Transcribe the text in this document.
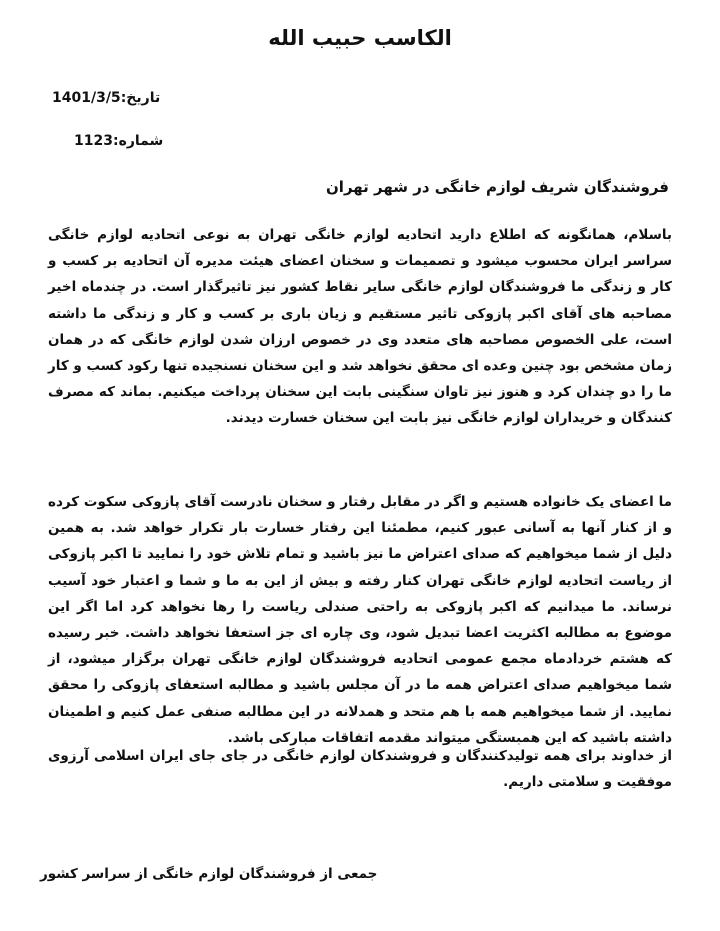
الکاسب حبیب الله
تاریخ:1401/3/5
شماره:1123
فروشندگان شریف لوازم خانگی در شهر تهران
باسلام، همانگونه که اطلاع دارید اتحادیه لوازم خانگی تهران به نوعی اتحادیه لوازم خانگی سراسر ایران محسوب میشود و تصمیمات و سخنان اعضای هیئت مدیره آن اتحادیه بر کسب و کار و زندگی ما فروشندگان لوازم خانگی سایر نقاط کشور نیز تاثیرگذار است. در چندماه اخیر مصاحبه های آقای اکبر پازوکی تاثیر مستقیم و زیان باری بر کسب و کار و زندگی ما داشته است، علی الخصوص مصاحبه های متعدد وی در خصوص ارزان شدن لوازم خانگی که در همان زمان مشخص بود چنین وعده ای محقق نخواهد شد و این سخنان نسنجیده تنها رکود کسب و کار ما را دو چندان کرد و هنوز نیز تاوان سنگینی بابت این سخنان پرداخت میکنیم. بماند که مصرف کنندگان و خریداران لوازم خانگی نیز بابت این سخنان خسارت دیدند.
ما اعضای یک خانواده هستیم و اگر در مقابل رفتار و سخنان نادرست آقای پازوکی سکوت کرده و از کنار آنها به آسانی عبور کنیم، مطمئنا این رفتار خسارت بار تکرار خواهد شد. به همین دلیل از شما میخواهیم که صدای اعتراض ما نیز باشید و تمام تلاش خود را نمایید تا اکبر پازوکی از ریاست اتحادیه لوازم خانگی تهران کنار رفته و بیش از این به ما و شما و اعتبار خود آسیب نرساند. ما میدانیم که اکبر پازوکی به راحتی صندلی ریاست را رها نخواهد کرد اما اگر این موضوع به مطالبه اکثریت اعضا تبدیل شود، وی چاره ای جز استعفا نخواهد داشت. خبر رسیده که هشتم خردادماه مجمع عمومی اتحادیه فروشندگان لوازم خانگی تهران برگزار میشود، از شما میخواهیم صدای اعتراض همه ما در آن مجلس باشید و مطالبه استعفای پازوکی را محقق نمایید. از شما میخواهیم همه با هم متحد و همدلانه در این مطالبه صنفی عمل کنیم و اطمینان داشته باشید که این همبستگی میتواند مقدمه اتفاقات مبارکی باشد.
از خداوند برای همه تولیدکنندگان و فروشندکان لوازم خانگی در جای جای ایران اسلامی آرزوی موفقیت و سلامتی داریم.
جمعی از فروشندگان لوازم خانگی از سراسر کشور
